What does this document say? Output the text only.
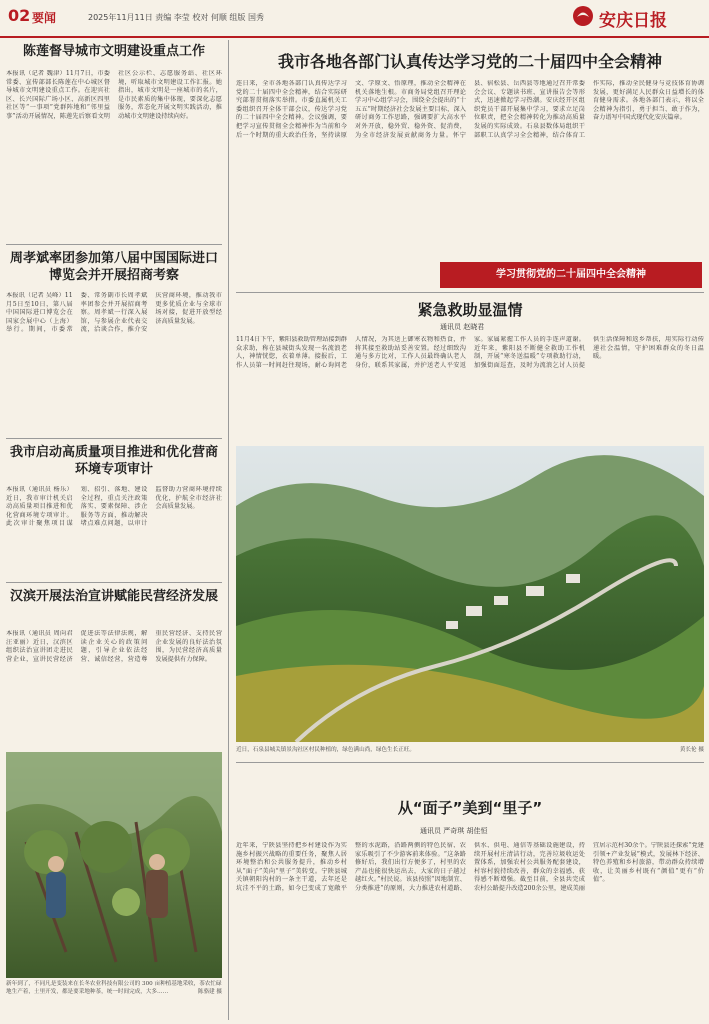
02 要闻	2025年11月11日 责编 李莹 校对 何顺 组版 国秀	安庆日报
陈莲督导城市文明建设重点工作
本报讯（记者 魏津）11月7日，市委常委、宣传部部长陈莲在中心城区督导城市文明建设重点工作。在迎宾社区、长兴国际广场小区、高新区四里社区等“一事项”党群阵地和“邻里益事”活动开展情况，陈莲先后察看文明社区公示栏、志愿服务站、社区环境，听取城市文明建设工作汇报。她指出，城市文明是一座城市的名片，是市民素质的集中体现，要深化志愿服务，常态化开展文明实践活动，推动城市文明建设持续向好。
周孝斌率团参加第八届中国国际进口博览会并开展招商考察
本报讯（记者 吴峰）11月5日至10日，第八届中国国际进口博览会在国家会展中心（上海）举行。期间，市委常委、常务副市长周孝斌率团参会并开展招商考察。周孝斌一行深入展馆，与参展企业代表交流，洽谈合作，推介安庆营商环境，推动我市更多优质企业与全球市场对接，促进开放型经济高质量发展。
我市启动高质量项目推进和优化营商环境专项审计
本报讯（通讯员 杨乐）近日，我市审计机关启动高质量项目推进和优化营商环境专项审计。此次审计聚焦项目谋划、招引、落地、建设全过程，重点关注政策落实、要素保障、涉企服务等方面，推动解决堵点难点问题，以审计监督助力营商环境持续优化，护航全市经济社会高质量发展。
汉滨开展法治宣讲赋能民营经济发展
本报讯（通讯员 周向君 汪亚丽）近日，汉滨区组织法治宣讲团走进民营企业，宣讲民营经济促进法等法律法规，解读企业关心的政策问题，引导企业依法经营、诚信经营，营造尊重民营经济、支持民营企业发展的良好法治氛围，为民营经济高质量发展提供有力保障。
新年到了，不同凡是变装来在长冬农业科技有限公司的 300 亩种植基地采收，茶农忙碌地生产着，土里开发，都是要采地种茶，统一时间完成，大多……	陈骆建 摄
我市各地各部门认真传达学习党的二十届四中全会精神
连日来，全市各地各部门认真传达学习党的二十届四中全会精神，结合实际研究部署贯彻落实举措。市委直属机关工委组织召开全体干部会议，传达学习党的二十届四中全会精神。会议强调，要把学习宣传贯彻全会精神作为当前和今后一个时期的重大政治任务，坚持读原文、学原文、悟原理，推动全会精神在机关落地生根。市商务局党组召开理论学习中心组学习会，围绕全会提出的“十五五”时期经济社会发展主要目标，深入研讨商务工作思路，强调要扩大高水平对外开放，稳外贸、稳外资、促消费，为全市经济发展贡献商务力量。怀宁县、宿松县、岳西县等地通过召开常委会会议、专题读书班、宣讲报告会等形式，迅速掀起学习热潮。安庆经开区组织党员干部开展集中学习，要求立足岗位职责，把全会精神转化为推动高质量发展的实际成效。石泉县数体局组织干部职工认真学习全会精神，结合体育工作实际，推动全民健身与竞技体育协调发展，更好满足人民群众日益增长的体育健身需求。各地各部门表示，将以全会精神为指引，勇于担当、敢于作为，奋力谱写中国式现代化安庆篇章。
学习贯彻党的二十届四中全会精神
紧急救助显温情
通讯员 赵晓君
11月4日下午，紫阳县救助管理站接到群众求助，称在县城街头发现一名流浪老人，神情恍惚，衣着单薄。接报后，工作人员第一时间赶往现场，耐心询问老人情况，为其送上御寒衣物和热食，并将其接至救助站妥善安置。经过细致沟通与多方比对，工作人员最终确认老人身份，联系其家属，并护送老人平安返家。家属紧握工作人员的手连声道谢。近年来，紫阳县不断健全救助工作机制，开展“寒冬送温暖”专项救助行动，加强街面巡查，及时为流浪乞讨人员提供生活保障和返乡帮扶，用实际行动传递社会温情，守护困难群众的冬日温暖。
近日，石泉县城关镇景沟社区村民种植的，绿色满山尚，绿色生长正旺。	黄长伦 摄
从“面子”美到“里子”
通讯员 严奇琪 胡佳恒
近年来，宁陕县坚持把乡村建设作为实施乡村振兴战略的重要任务，聚焦人居环境整治和公共服务提升，推动乡村从“面子”美向“里子”美转变。宁陕县城关镇朝阳沟村的一条主干道，去年还是坑洼不平的土路，如今已变成了宽敞平整的水泥路，沿路两侧的特色民宿、农家乐吸引了不少游客前来体验。“这条路修好后，我们出行方便多了，村里的农产品也能很快运出去，大家的日子越过越红火。”村民说。该县按照“因地制宜、分类推进”的原则，大力推进农村道路、供水、供电、通信等基础设施建设，持续开展村庄清洁行动，完善垃圾收运处置体系，加强农村公共服务配套建设，村容村貌持续改善，群众的幸福感、获得感不断增强。截至目前，全县共完成农村公路提升改造200余公里，建成美丽宜居示范村30余个。宁陕县还探索“党建引领+产业发展”模式，发展林下经济、特色养殖和乡村旅游，带动群众持续增收，让美丽乡村既有“颜值”更有“价值”。
